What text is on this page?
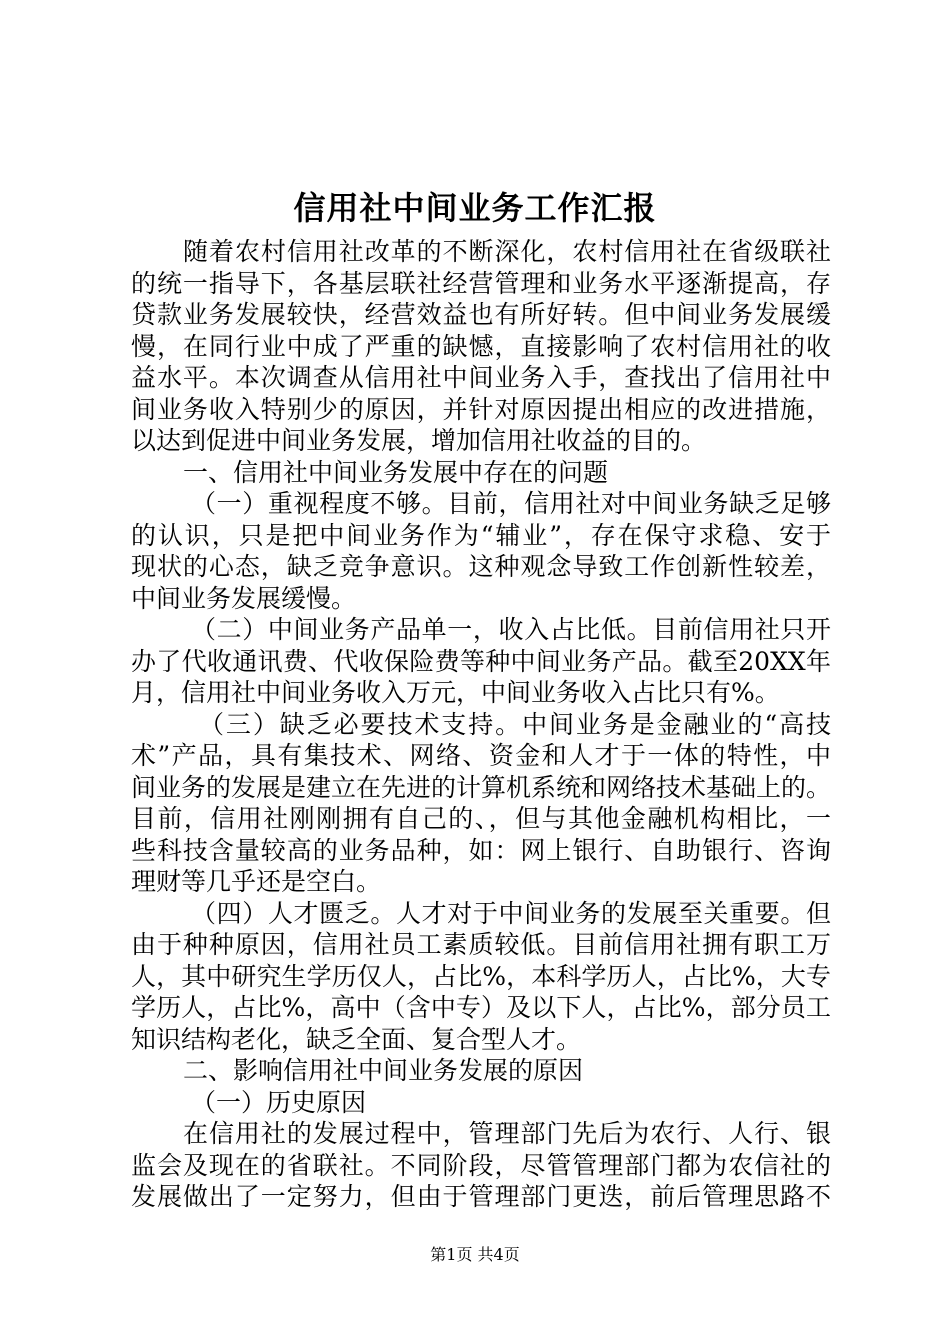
信用社中间业务工作汇报
随着农村信用社改革的不断深化，农村信用社在省级联社
的统一指导下，各基层联社经营管理和业务水平逐渐提高，存
贷款业务发展较快，经营效益也有所好转。但中间业务发展缓
慢，在同行业中成了严重的缺憾，直接影响了农村信用社的收
益水平。本次调查从信用社中间业务入手，查找出了信用社中
间业务收入特别少的原因，并针对原因提出相应的改进措施，
以达到促进中间业务发展，增加信用社收益的目的。
一、信用社中间业务发展中存在的问题
（一）重视程度不够。目前，信用社对中间业务缺乏足够
的认识，只是把中间业务作为“辅业”，存在保守求稳、安于
现状的心态，缺乏竞争意识。这种观念导致工作创新性较差，
中间业务发展缓慢。
（二）中间业务产品单一，收入占比低。目前信用社只开
办了代收通讯费、代收保险费等种中间业务产品。截至20XX年
月，信用社中间业务收入万元，中间业务收入占比只有%。
（三）缺乏必要技术支持。中间业务是金融业的“高技
术”产品，具有集技术、网络、资金和人才于一体的特性，中
间业务的发展是建立在先进的计算机系统和网络技术基础上的。
目前，信用社刚刚拥有自己的、，但与其他金融机构相比，一
些科技含量较高的业务品种，如：网上银行、自助银行、咨询
理财等几乎还是空白。
（四）人才匮乏。人才对于中间业务的发展至关重要。但
由于种种原因，信用社员工素质较低。目前信用社拥有职工万
人，其中研究生学历仅人，占比%，本科学历人，占比%，大专
学历人，占比%，高中（含中专）及以下人，占比%，部分员工
知识结构老化，缺乏全面、复合型人才。
二、影响信用社中间业务发展的原因
（一）历史原因
在信用社的发展过程中，管理部门先后为农行、人行、银
监会及现在的省联社。不同阶段，尽管管理部门都为农信社的
发展做出了一定努力，但由于管理部门更迭，前后管理思路不
第1页 共4页
